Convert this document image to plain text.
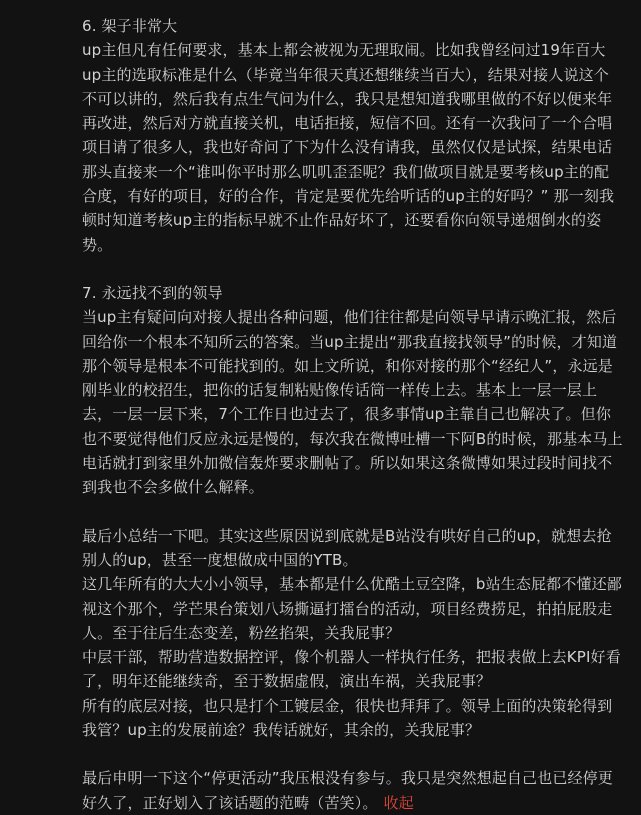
6. 架子非常大

up主但凡有任何要求，基本上都会被视为无理取闹。比如我曾经问过19年百大up主的选取标准是什么（毕竟当年很天真还想继续当百大），结果对接人说这个不可以讲的，然后我有点生气问为什么，我只是想知道我哪里做的不好以便来年再改进，然后对方就直接关机，电话拒接，短信不回。还有一次我问了一个合唱项目请了很多人，我也好奇问了下为什么没有请我，虽然仅仅是试探，结果电话那头直接来一个“谁叫你平时那么叽叽歪歪呢？我们做项目就是要考核up主的配合度，有好的项目，好的合作，肯定是要优先给听话的up主的好吗？” 那一刻我顿时知道考核up主的指标早就不止作品好坏了，还要看你向领导递烟倒水的姿势。

7. 永远找不到的领导

当up主有疑问向对接人提出各种问题，他们往往都是向领导早请示晚汇报，然后回给你一个根本不知所云的答案。当up主提出“那我直接找领导”的时候，才知道那个领导是根本不可能找到的。如上文所说，和你对接的那个“经纪人”，永远是刚毕业的校招生，把你的话复制粘贴像传话筒一样传上去。基本上一层一层上去，一层一层下来，7个工作日也过去了，很多事情up主靠自己也解决了。但你也不要觉得他们反应永远是慢的，每次我在微博吐槽一下阿B的时候，那基本马上电话就打到家里外加微信轰炸要求删帖了。所以如果这条微博如果过段时间找不到我也不会多做什么解释。

最后小总结一下吧。其实这些原因说到底就是B站没有哄好自己的up，就想去抢别人的up，甚至一度想做成中国的YTB。

这几年所有的大大小小领导，基本都是什么优酷土豆空降，b站生态屁都不懂还鄙视这个那个，学芒果台策划八场撕逼打擂台的活动，项目经费捞足，拍拍屁股走人。至于往后生态变差，粉丝掐架，关我屁事？

中层干部，帮助营造数据控评，像个机器人一样执行任务，把报表做上去KPI好看了，明年还能继续奇，至于数据虚假，演出车祸，关我屁事？

所有的底层对接，也只是打个工镀层金，很快也拜拜了。领导上面的决策轮得到我管？up主的发展前途？我传话就好，其余的，关我屁事？

最后申明一下这个“停更活动”我压根没有参与。我只是突然想起自己也已经停更好久了，正好划入了该话题的范畴（苦笑）。 收起
